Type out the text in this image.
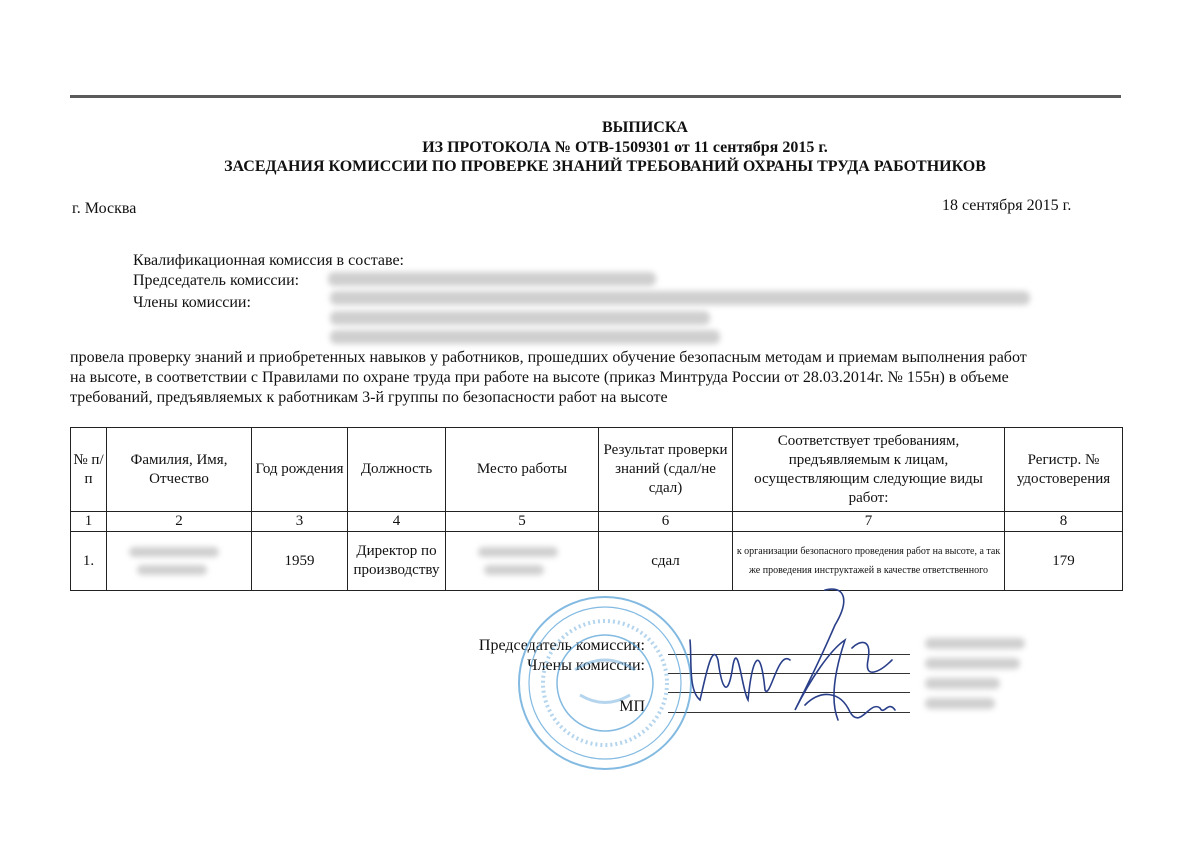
ВЫПИСКА
ИЗ ПРОТОКОЛА № ОТВ-1509301 от 11 сентября 2015 г.
ЗАСЕДАНИЯ КОМИССИИ ПО ПРОВЕРКЕ ЗНАНИЙ ТРЕБОВАНИЙ ОХРАНЫ ТРУДА РАБОТНИКОВ
г. Москва	18 сентября 2015 г.
Квалификационная комиссия в составе:
Председатель комиссии:
Члены комиссии:
провела проверку знаний и приобретенных навыков у работников, прошедших обучение безопасным методам и приемам выполнения работ
на высоте, в соответствии с Правилами по охране труда при работе на высоте (приказ Минтруда России от 28.03.2014г. № 155н) в объеме
требований, предъявляемых к работникам 3-й группы по безопасности работ на высоте
№ п/п	Фамилия, Имя, Отчество	Год рождения	Должность	Место работы	Результат проверки знаний (сдал/не сдал)	Соответствует требованиям, предъявляемым к лицам, осуществляющим следующие виды работ:	Регистр. № удостоверения
1	2	3	4	5	6	7	8
1.		1959	Директор по производству		сдал	к организации безопасного проведения работ на высоте, а так же проведения инструктажей в качестве ответственного	179
Председатель комиссии:
Члены комиссии:
МП
